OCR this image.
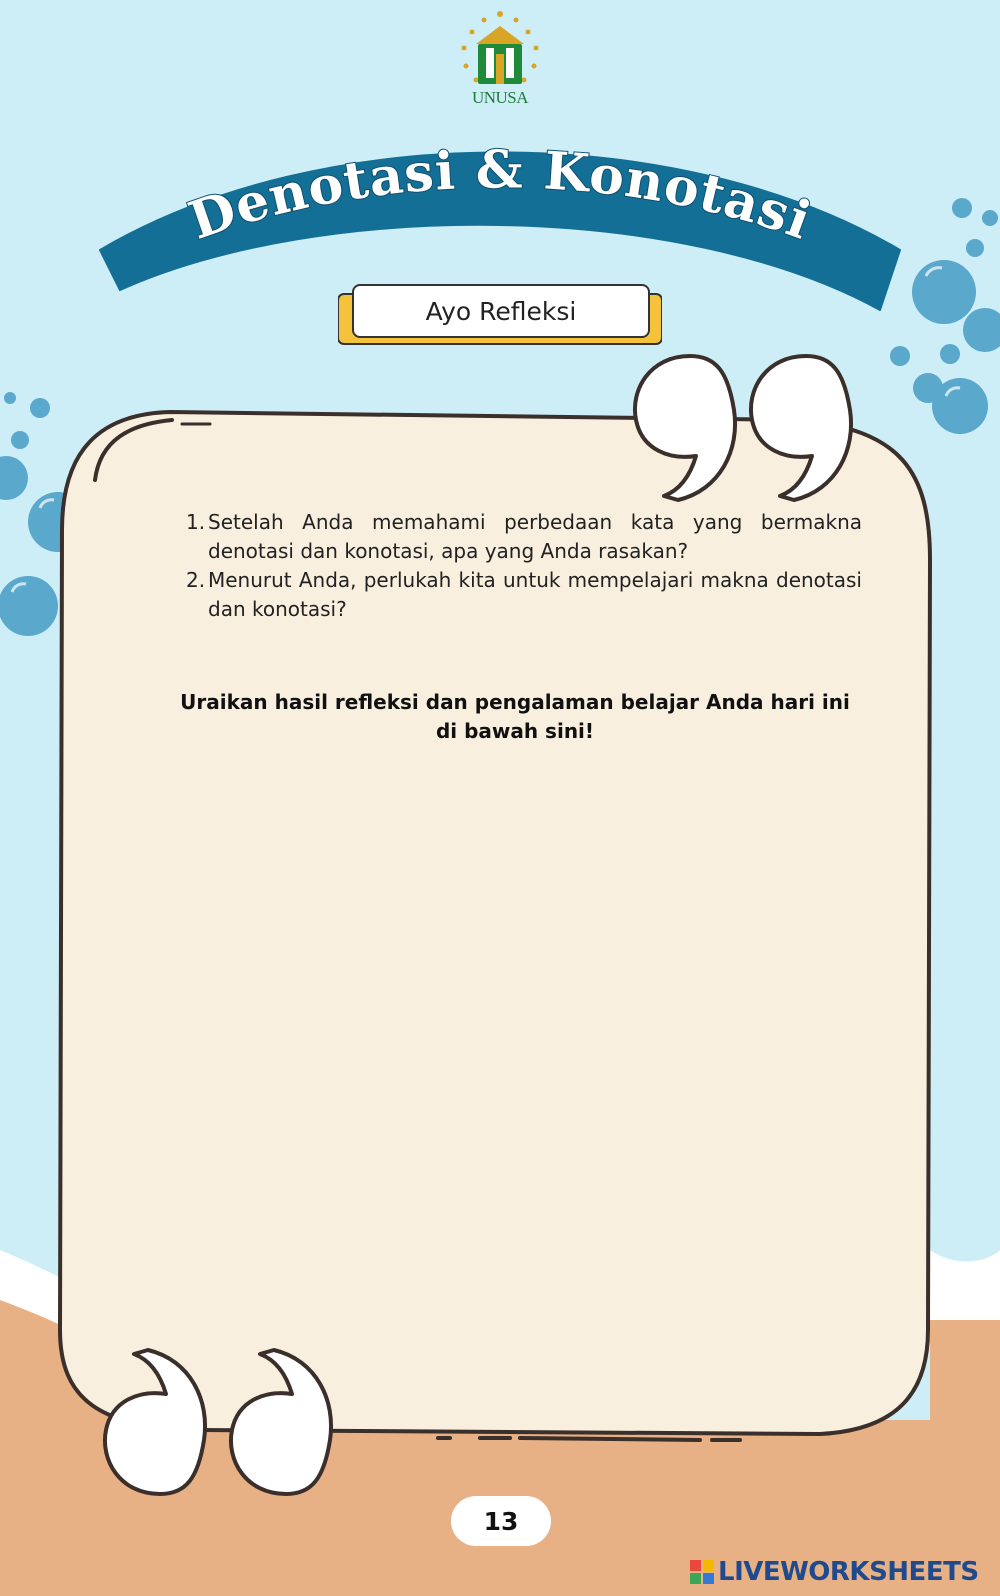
UNUSA
Denotasi & Konotasi
Ayo Refleksi
1. Setelah Anda memahami perbedaan kata yang bermakna denotasi dan konotasi, apa yang Anda rasakan?
2. Menurut Anda, perlukah kita untuk mempelajari makna denotasi dan konotasi?
Uraikan hasil refleksi dan pengalaman belajar Anda hari ini di bawah sini!
13
LIVEWORKSHEETS
